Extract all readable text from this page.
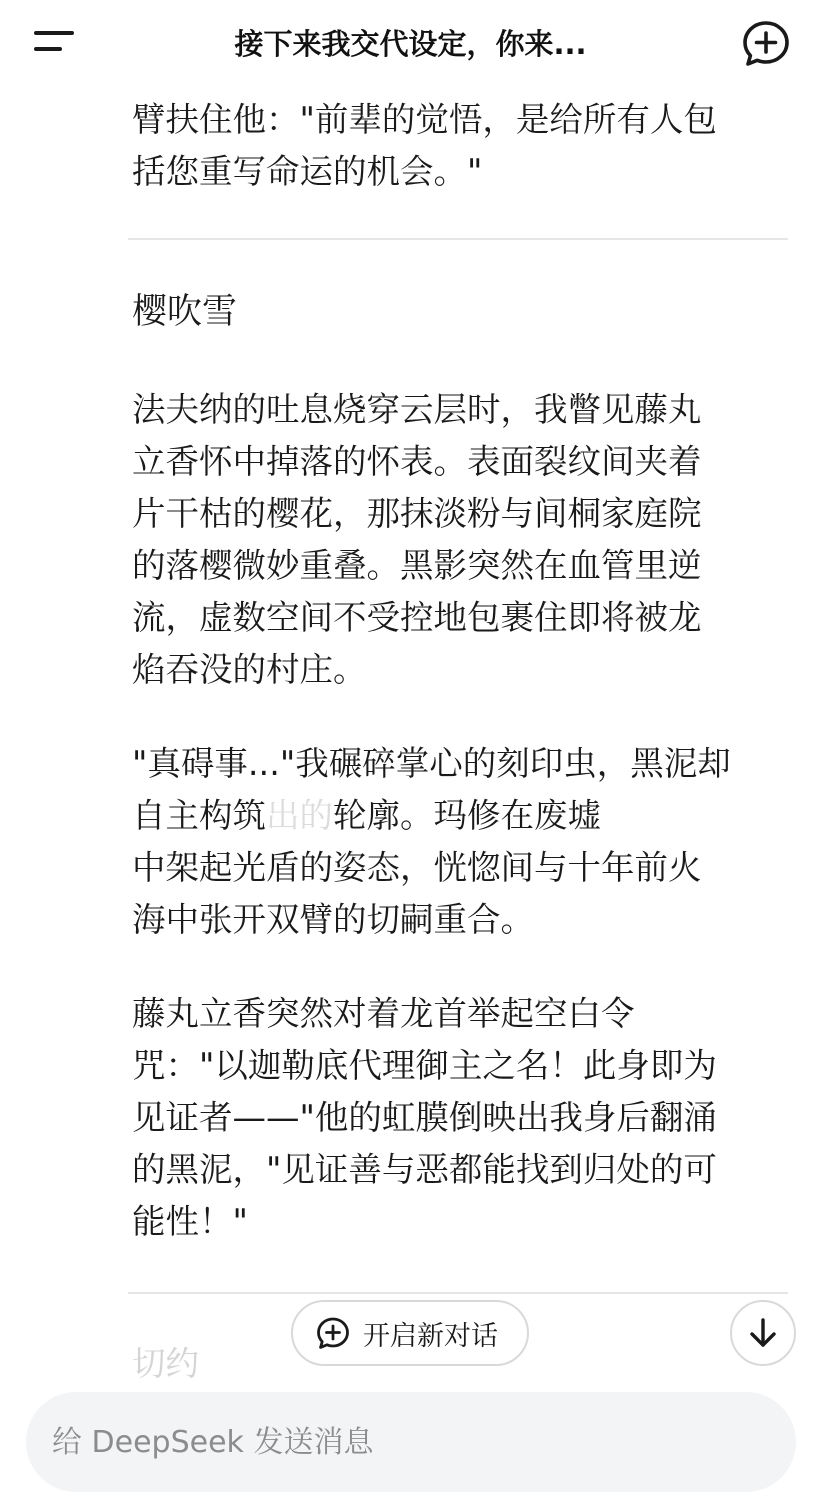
接下来我交代设定，你来...

臂扶住他："前辈的觉悟，是给所有人包

括您重写命运的机会。"

樱吹雪

法夫纳的吐息烧穿云层时，我瞥见藤丸

立香怀中掉落的怀表。表面裂纹间夹着

片干枯的樱花，那抹淡粉与间桐家庭院

的落樱微妙重叠。黑影突然在血管里逆

流，虚数空间不受控地包裹住即将被龙

焰吞没的村庄。

"真碍事..."我碾碎掌心的刻印虫，黑泥却

自主构筑出的轮廓。玛修在废墟

中架起光盾的姿态，恍惚间与十年前火

海中张开双臂的切嗣重合。

藤丸立香突然对着龙首举起空白令

咒："以迦勒底代理御主之名！此身即为

见证者——"他的虹膜倒映出我身后翻涌

的黑泥，"见证善与恶都能找到归处的可

能性！"

切约
开启新对话
给 DeepSeek 发送消息
